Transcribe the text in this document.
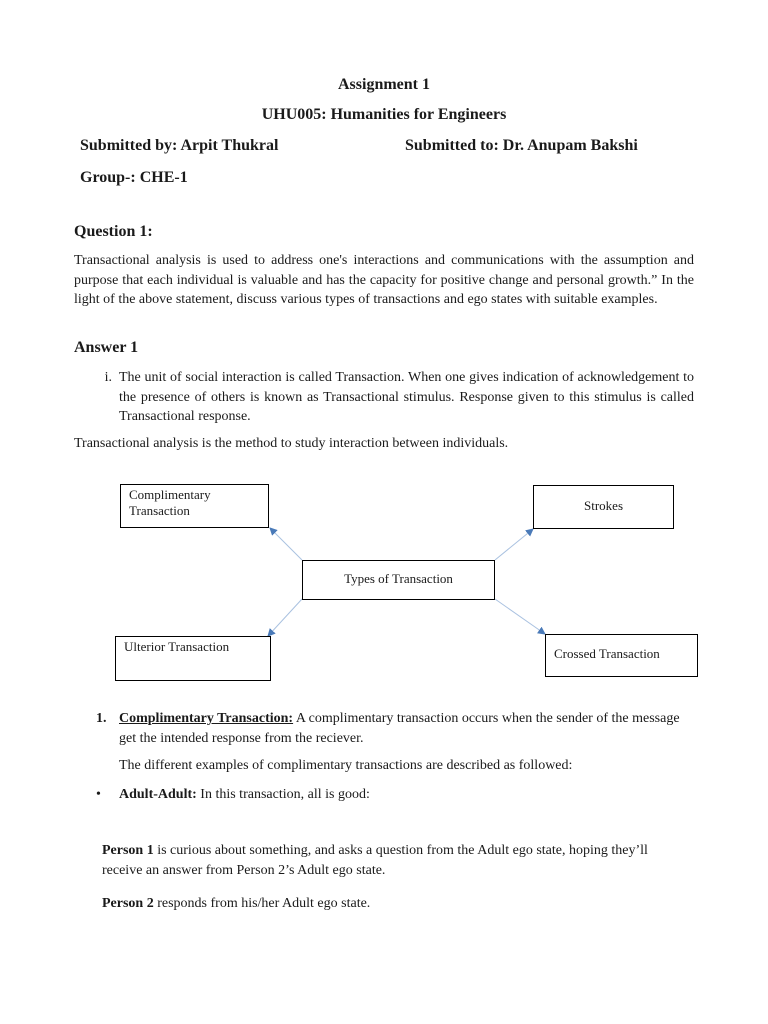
Assignment 1
UHU005: Humanities for Engineers
Submitted by: Arpit Thukral	Submitted to: Dr. Anupam Bakshi
Group-: CHE-1
Question 1:
Transactional analysis is used to address one's interactions and communications with the assumption and purpose that each individual is valuable and has the capacity for positive change and personal growth.” In the light of the above statement, discuss various types of transactions and ego states with suitable examples.
Answer 1
i. The unit of social interaction is called Transaction. When one gives indication of acknowledgement to the presence of others is known as Transactional stimulus. Response given to this stimulus is called Transactional response.
Transactional analysis is the method to study interaction between individuals.
Complimentary Transaction	Strokes
Types of Transaction
Ulterior Transaction	Crossed Transaction
1. Complimentary Transaction: A complimentary transaction occurs when the sender of the message get the intended response from the reciever.
The different examples of complimentary transactions are described as followed:
• Adult-Adult: In this transaction, all is good:
Person 1 is curious about something, and asks a question from the Adult ego state, hoping they’ll receive an answer from Person 2’s Adult ego state.
Person 2 responds from his/her Adult ego state.
